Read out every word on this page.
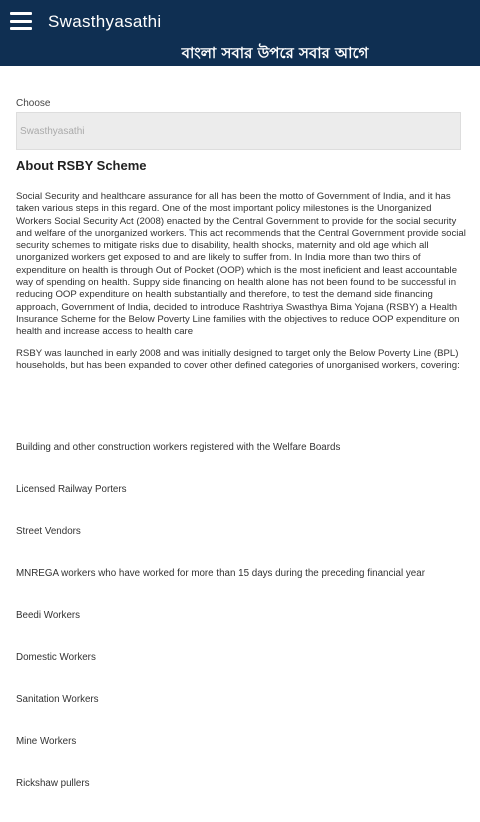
Swasthyasathi
বাংলা সবার উপরে সবার আগে
Choose
Swasthyasathi
About RSBY Scheme

Social Security and healthcare assurance for all has been the motto of Government of India, and it has taken various steps in this regard. One of the most important policy milestones is the Unorganized Workers Social Security Act (2008) enacted by the Central Government to provide for the social security and welfare of the unorganized workers. This act recommends that the Central Government provide social security schemes to mitigate risks due to disability, health shocks, maternity and old age which all unorganized workers get exposed to and are likely to suffer from. In India more than two thirs of expenditure on health is through Out of Pocket (OOP) which is the most ineficient and least accountable way of spending on health. Suppy side financing on health alone has not been found to be successful in reducing OOP expenditure on health substantially and therefore, to test the demand side financing approach, Government of India, decided to introduce Rashtriya Swasthya Bima Yojana (RSBY) a Health Insurance Scheme for the Below Poverty Line families with the objectives to reduce OOP expenditure on health and increase access to health care

RSBY was launched in early 2008 and was initially designed to target only the Below Poverty Line (BPL) households, but has been expanded to cover other defined categories of unorganised workers, covering:

Building and other construction workers registered with the Welfare Boards
Licensed Railway Porters
Street Vendors
MNREGA workers who have worked for more than 15 days during the preceding financial year
Beedi Workers
Domestic Workers
Sanitation Workers
Mine Workers
Rickshaw pullers
